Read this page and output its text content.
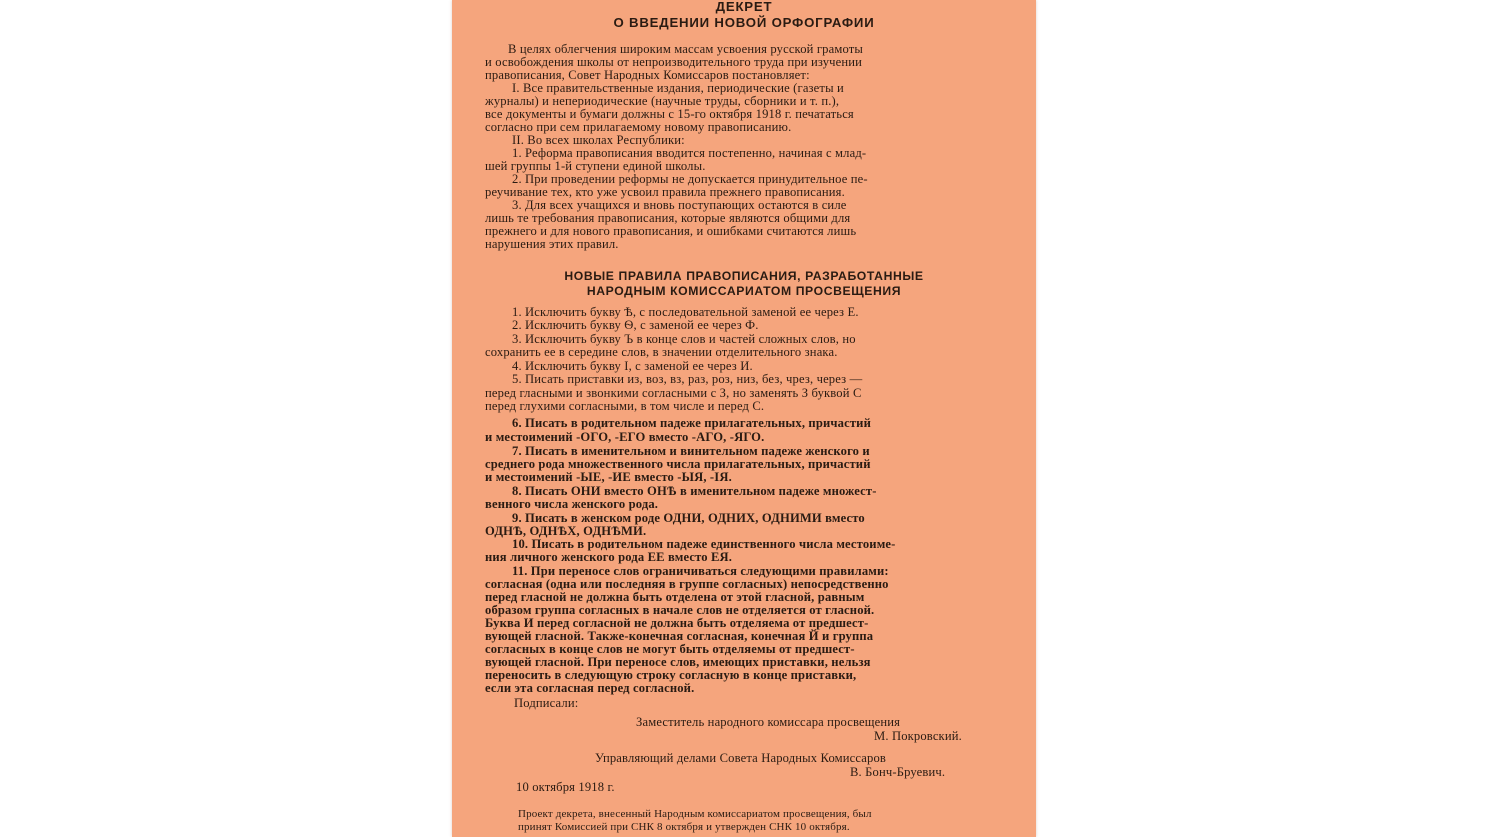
ДЕКРЕТ
О ВВЕДЕНИИ НОВОЙ ОРФОГРАФИИ
В целях облегчения широким массам усвоения русской грамоты
и освобождения школы от непроизводительного труда при изучении
правописания, Совет Народных Комиссаров постановляет:
I. Все правительственные издания, периодические (газеты и
журналы) и непериодические (научные труды, сборники и т. п.),
все документы и бумаги должны с 15-го октября 1918 г. печататься
согласно при сем прилагаемому новому правописанию.
II. Во всех школах Республики:
1. Реформа правописания вводится постепенно, начиная с млад-
шей группы 1-й ступени единой школы.
2. При проведении реформы не допускается принудительное пе-
реучивание тех, кто уже усвоил правила прежнего правописания.
3. Для всех учащихся и вновь поступающих остаются в силе
лишь те требования правописания, которые являются общими для
прежнего и для нового правописания, и ошибками считаются лишь
нарушения этих правил.
НОВЫЕ ПРАВИЛА ПРАВОПИСАНИЯ, РАЗРАБОТАННЫЕ
НАРОДНЫМ КОМИССАРИАТОМ ПРОСВЕЩЕНИЯ
1. Исключить букву Ѣ, с последовательной заменой ее через Е.
2. Исключить букву Ѳ, с заменой ее через Ф.
3. Исключить букву Ъ в конце слов и частей сложных слов, но
сохранить ее в середине слов, в значении отделительного знака.
4. Исключить букву І, с заменой ее через И.
5. Писать приставки из, воз, вз, раз, роз, низ, без, чрез, через —
перед гласными и звонкими согласными с З, но заменять З буквой С
перед глухими согласными, в том числе и перед С.
6. Писать в родительном падеже прилагательных, причастий
и местоимений -ОГО, -ЕГО вместо -АГО, -ЯГО.
7. Писать в именительном и винительном падеже женского и
среднего рода множественного числа прилагательных, причастий
и местоимений -ЫЕ, -ИЕ вместо -ЫЯ, -ІЯ.
8. Писать ОНИ вместо ОНѢ в именительном падеже множест-
венного числа женского рода.
9. Писать в женском роде ОДНИ, ОДНИХ, ОДНИМИ вместо
ОДНѢ, ОДНѢХ, ОДНѢМИ.
10. Писать в родительном падеже единственного числа местоиме-
ния личного женского рода ЕЕ вместо ЕЯ.
11. При переносе слов ограничиваться следующими правилами:
согласная (одна или последняя в группе согласных) непосредственно
перед гласной не должна быть отделена от этой гласной, равным
образом группа согласных в начале слов не отделяется от гласной.
Буква И перед согласной не должна быть отделяема от предшест-
вующей гласной. Также-конечная согласная, конечная Й и группа
согласных в конце слов не могут быть отделяемы от предшест-
вующей гласной. При переносе слов, имеющих приставки, нельзя
переносить в следующую строку согласную в конце приставки,
если эта согласная перед согласной.
Подписали:
Заместитель народного комиссара просвещения
М. Покровский.
Управляющий делами Совета Народных Комиссаров
В. Бонч-Бруевич.
10 октября 1918 г.
Проект декрета, внесенный Народным комиссариатом просвещения, был
принят Комиссией при СНК 8 октября и утвержден СНК 10 октября.
